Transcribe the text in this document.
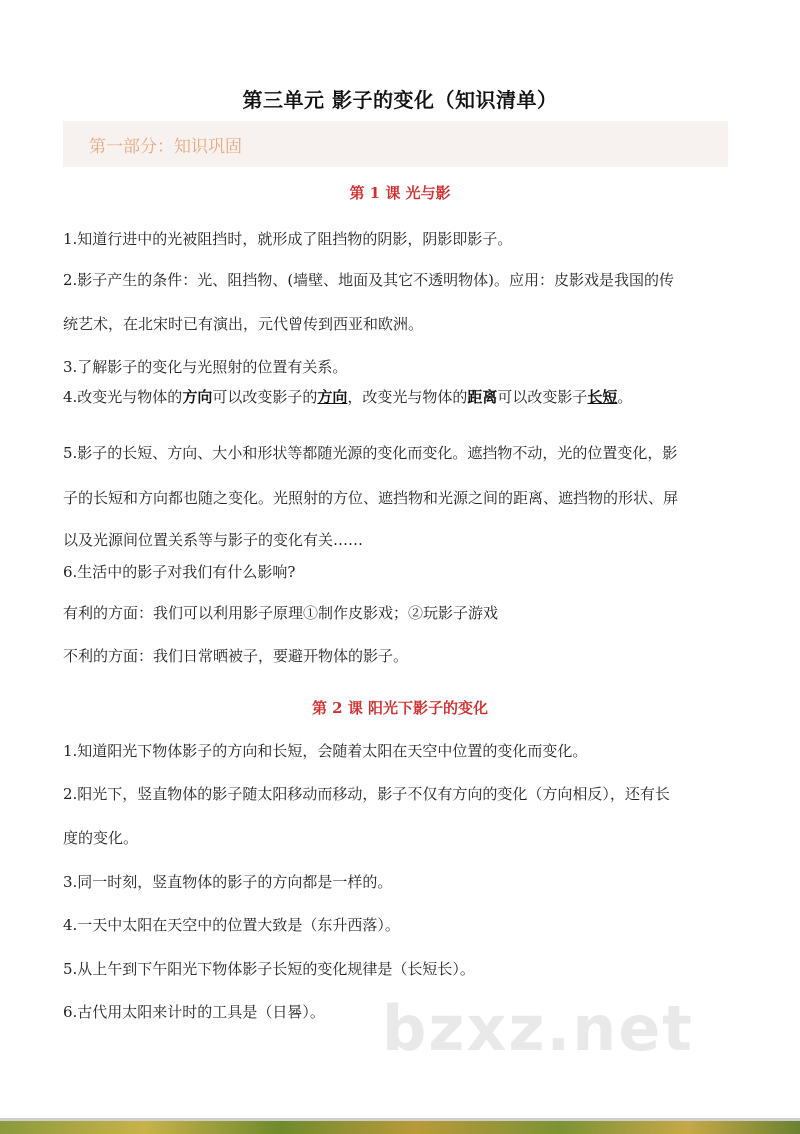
第三单元 影子的变化（知识清单）
第一部分：知识巩固
第 1 课 光与影
1.知道行进中的光被阻挡时，就形成了阻挡物的阴影，阴影即影子。
2.影子产生的条件：光、阻挡物、(墙壁、地面及其它不透明物体)。应用：皮影戏是我国的传
统艺术，在北宋时已有演出，元代曾传到西亚和欧洲。
3.了解影子的变化与光照射的位置有关系。
4.改变光与物体的方向可以改变影子的方向，改变光与物体的距离可以改变影子长短。
5.影子的长短、方向、大小和形状等都随光源的变化而变化。遮挡物不动，光的位置变化，影
子的长短和方向都也随之变化。光照射的方位、遮挡物和光源之间的距离、遮挡物的形状、屏
以及光源间位置关系等与影子的变化有关……
6.生活中的影子对我们有什么影响?
有利的方面：我们可以利用影子原理①制作皮影戏；②玩影子游戏
不利的方面：我们日常晒被子，要避开物体的影子。
第 2 课 阳光下影子的变化
1.知道阳光下物体影子的方向和长短，会随着太阳在天空中位置的变化而变化。
2.阳光下，竖直物体的影子随太阳移动而移动，影子不仅有方向的变化（方向相反），还有长
度的变化。
3.同一时刻，竖直物体的影子的方向都是一样的。
4.一天中太阳在天空中的位置大致是（东升西落）。
5.从上午到下午阳光下物体影子长短的变化规律是（长短长）。
6.古代用太阳来计时的工具是（日晷）。 bzxz.net
